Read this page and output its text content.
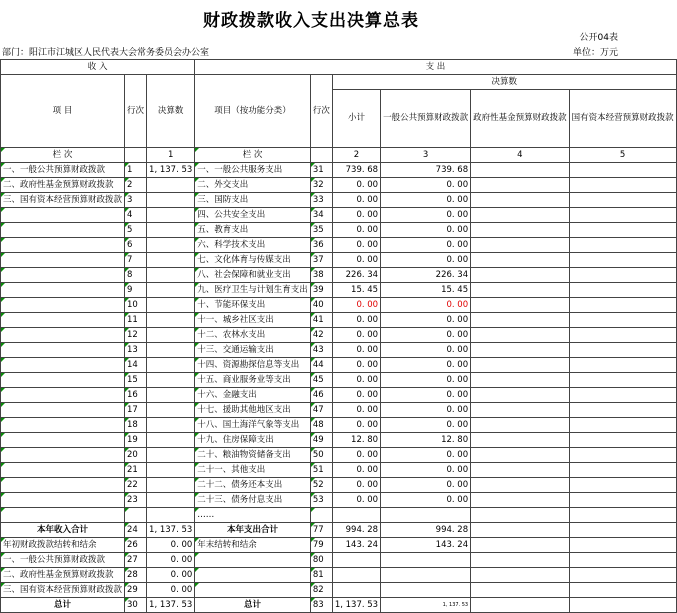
财政拨款收入支出决算总表
公开04表
部门：阳江市江城区人民代表大会常务委员会办公室	单位：万元
收 入			支 出					
项 目	行次	决算数	项目（按功能分类）	行次	决算数			
					小计	一般公共预算财政拨款	政府性基金预算财政拨款	国有资本经营预算财政拨款
栏 次		1	栏 次		2	3	4	5
一、一般公共预算财政拨款	1	1, 137. 53	一、一般公共服务支出	31	739. 68	739. 68		
二、政府性基金预算财政拨款	2		二、外交支出	32	0. 00	0. 00		
三、国有资本经营预算财政拨款	3		三、国防支出	33	0. 00	0. 00		
	4		四、公共安全支出	34	0. 00	0. 00		
	5		五、教育支出	35	0. 00	0. 00		
	6		六、科学技术支出	36	0. 00	0. 00		
	7		七、文化体育与传媒支出	37	0. 00	0. 00		
	8		八、社会保障和就业支出	38	226. 34	226. 34		
	9		九、医疗卫生与计划生育支出	39	15. 45	15. 45		
	10		十、节能环保支出	40	0. 00	0. 00		
	11		十一、城乡社区支出	41	0. 00	0. 00		
	12		十二、农林水支出	42	0. 00	0. 00		
	13		十三、交通运输支出	43	0. 00	0. 00		
	14		十四、资源勘探信息等支出	44	0. 00	0. 00		
	15		十五、商业服务业等支出	45	0. 00	0. 00		
	16		十六、金融支出	46	0. 00	0. 00		
	17		十七、援助其他地区支出	47	0. 00	0. 00		
	18		十八、国土海洋气象等支出	48	0. 00	0. 00		
	19		十九、住房保障支出	49	12. 80	12. 80		
	20		二十、粮油物资储备支出	50	0. 00	0. 00		
	21		二十一、其他支出	51	0. 00	0. 00		
	22		二十二、债务还本支出	52	0. 00	0. 00		
	23		二十三、债务付息支出	53	0. 00	0. 00		
			……					
本年收入合计	24	1, 137. 53	本年支出合计	77	994. 28	994. 28		
年初财政拨款结转和结余	26	0. 00	年末结转和结余	79	143. 24	143. 24		
一、一般公共预算财政拨款	27	0. 00		80				
二、政府性基金预算财政拨款	28	0. 00		81				
三、国有资本经营预算财政拨款	29	0. 00		82				
总计	30	1, 137. 53	总计	83	1, 137. 53	1, 137. 53		
